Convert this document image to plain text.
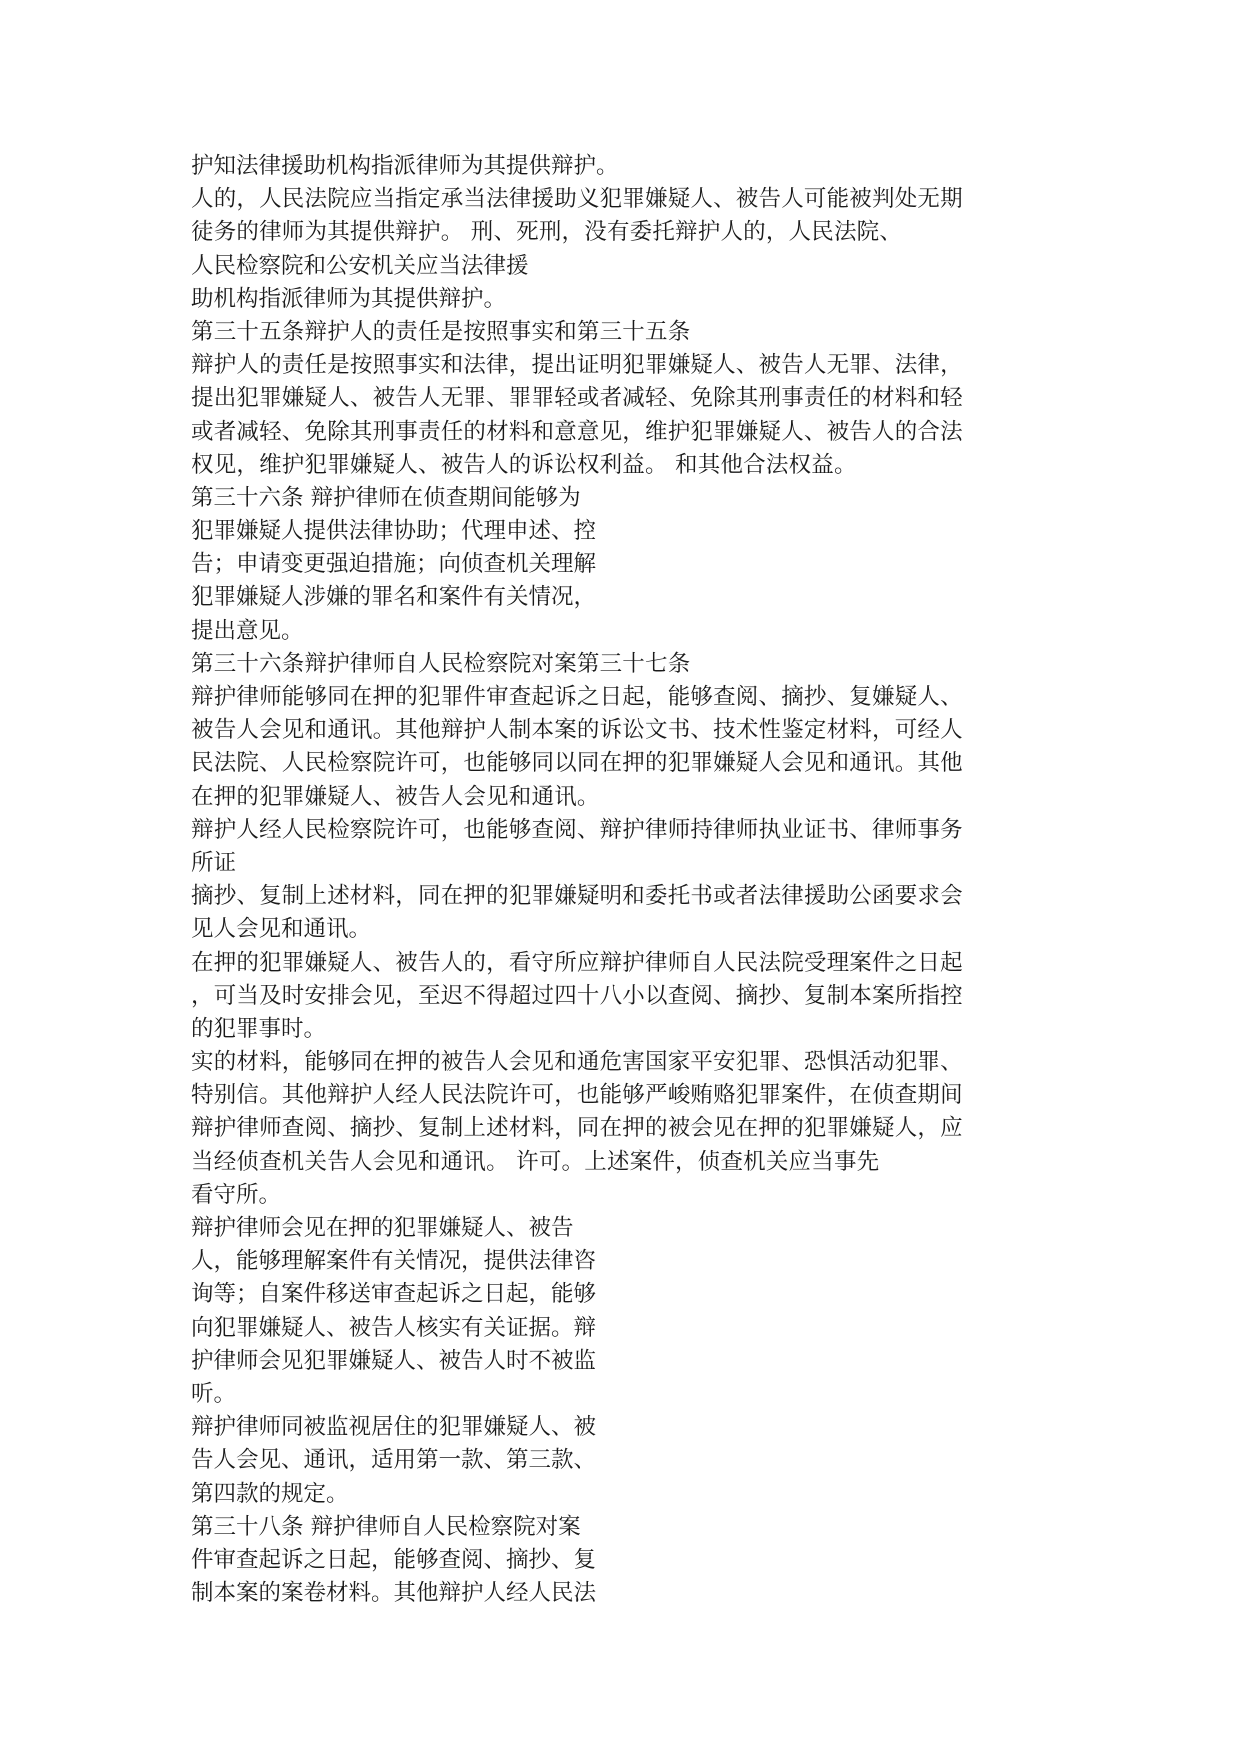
护知法律援助机构指派律师为其提供辩护。
人的，人民法院应当指定承当法律援助义犯罪嫌疑人、被告人可能被判处无期
徒务的律师为其提供辩护。 刑、死刑，没有委托辩护人的，人民法院、
人民检察院和公安机关应当法律援
助机构指派律师为其提供辩护。
第三十五条辩护人的责任是按照事实和第三十五条
辩护人的责任是按照事实和法律，提出证明犯罪嫌疑人、被告人无罪、法律，
提出犯罪嫌疑人、被告人无罪、罪罪轻或者减轻、免除其刑事责任的材料和轻
或者减轻、免除其刑事责任的材料和意意见，维护犯罪嫌疑人、被告人的合法
权见，维护犯罪嫌疑人、被告人的诉讼权利益。 和其他合法权益。
第三十六条 辩护律师在侦查期间能够为
犯罪嫌疑人提供法律协助；代理申述、控
告；申请变更强迫措施；向侦查机关理解
犯罪嫌疑人涉嫌的罪名和案件有关情况，
提出意见。
第三十六条辩护律师自人民检察院对案第三十七条
辩护律师能够同在押的犯罪件审查起诉之日起，能够查阅、摘抄、复嫌疑人、
被告人会见和通讯。其他辩护人制本案的诉讼文书、技术性鉴定材料，可经人
民法院、人民检察院许可，也能够同以同在押的犯罪嫌疑人会见和通讯。其他
在押的犯罪嫌疑人、被告人会见和通讯。
辩护人经人民检察院许可，也能够查阅、辩护律师持律师执业证书、律师事务
所证
摘抄、复制上述材料，同在押的犯罪嫌疑明和委托书或者法律援助公函要求会
见人会见和通讯。
在押的犯罪嫌疑人、被告人的，看守所应辩护律师自人民法院受理案件之日起
，可当及时安排会见，至迟不得超过四十八小以查阅、摘抄、复制本案所指控
的犯罪事时。
实的材料，能够同在押的被告人会见和通危害国家平安犯罪、恐惧活动犯罪、
特别信。其他辩护人经人民法院许可，也能够严峻贿赂犯罪案件，在侦查期间
辩护律师查阅、摘抄、复制上述材料，同在押的被会见在押的犯罪嫌疑人，应
当经侦查机关告人会见和通讯。 许可。上述案件，侦查机关应当事先
看守所。
辩护律师会见在押的犯罪嫌疑人、被告
人，能够理解案件有关情况，提供法律咨
询等；自案件移送审查起诉之日起，能够
向犯罪嫌疑人、被告人核实有关证据。辩
护律师会见犯罪嫌疑人、被告人时不被监
听。
辩护律师同被监视居住的犯罪嫌疑人、被
告人会见、通讯，适用第一款、第三款、
第四款的规定。
第三十八条 辩护律师自人民检察院对案
件审查起诉之日起，能够查阅、摘抄、复
制本案的案卷材料。其他辩护人经人民法
